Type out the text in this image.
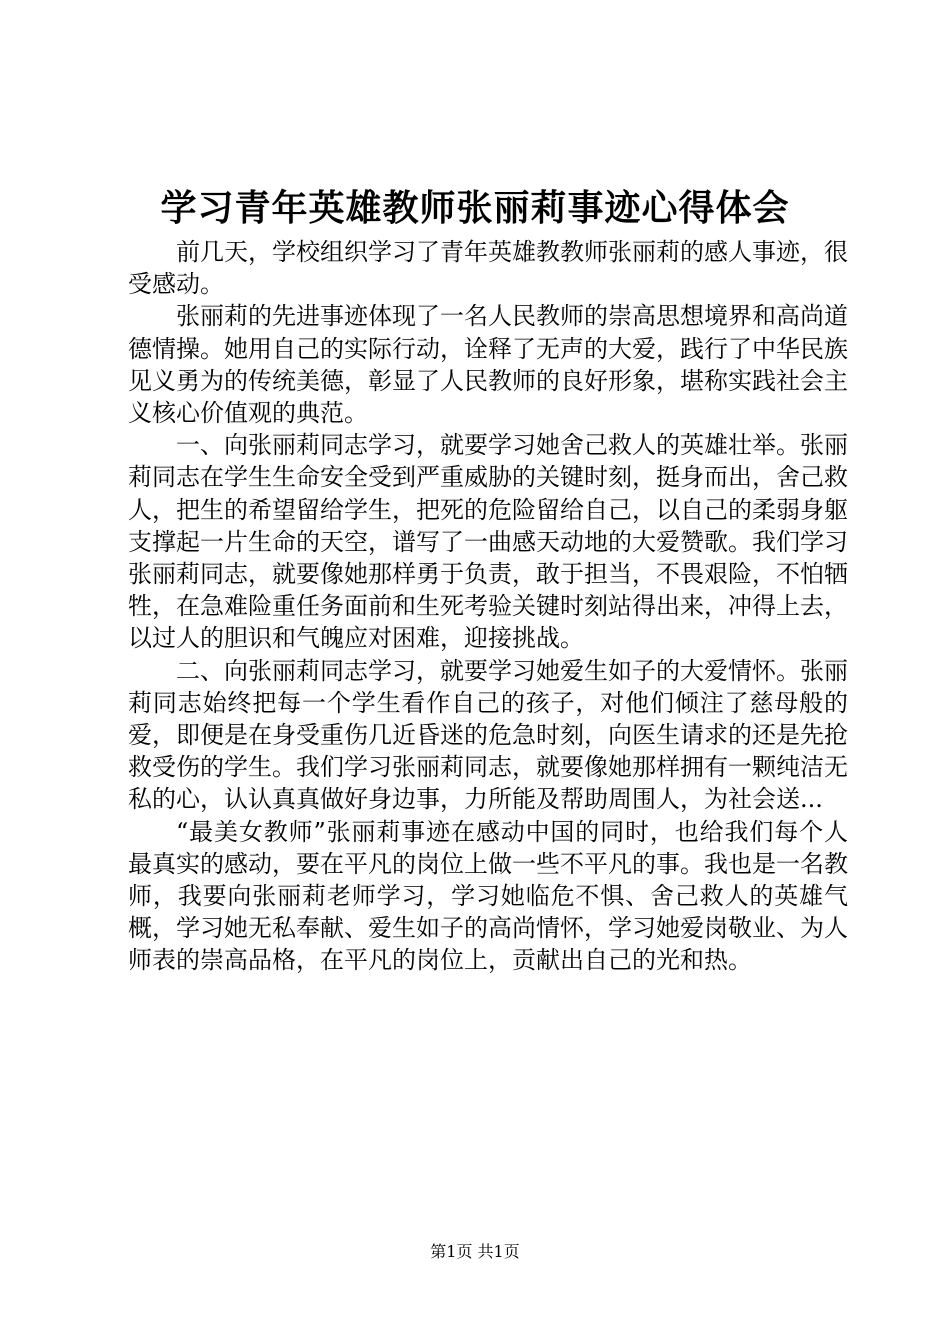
学习青年英雄教师张丽莉事迹心得体会

前几天，学校组织学习了青年英雄教教师张丽莉的感人事迹，很受感动。

张丽莉的先进事迹体现了一名人民教师的崇高思想境界和高尚道德情操。她用自己的实际行动，诠释了无声的大爱，践行了中华民族见义勇为的传统美德，彰显了人民教师的良好形象，堪称实践社会主义核心价值观的典范。

一、向张丽莉同志学习，就要学习她舍己救人的英雄壮举。张丽莉同志在学生生命安全受到严重威胁的关键时刻，挺身而出，舍己救人，把生的希望留给学生，把死的危险留给自己，以自己的柔弱身躯支撑起一片生命的天空，谱写了一曲感天动地的大爱赞歌。我们学习张丽莉同志，就要像她那样勇于负责，敢于担当，不畏艰险，不怕牺牲，在急难险重任务面前和生死考验关键时刻站得出来，冲得上去，以过人的胆识和气魄应对困难，迎接挑战。

二、向张丽莉同志学习，就要学习她爱生如子的大爱情怀。张丽莉同志始终把每一个学生看作自己的孩子，对他们倾注了慈母般的爱，即便是在身受重伤几近昏迷的危急时刻，向医生请求的还是先抢救受伤的学生。我们学习张丽莉同志，就要像她那样拥有一颗纯洁无私的心，认认真真做好身边事，力所能及帮助周围人，为社会送...

“最美女教师”张丽莉事迹在感动中国的同时，也给我们每个人最真实的感动，要在平凡的岗位上做一些不平凡的事。我也是一名教师，我要向张丽莉老师学习，学习她临危不惧、舍己救人的英雄气概，学习她无私奉献、爱生如子的高尚情怀，学习她爱岗敬业、为人师表的崇高品格，在平凡的岗位上，贡献出自己的光和热。

第1页 共1页
